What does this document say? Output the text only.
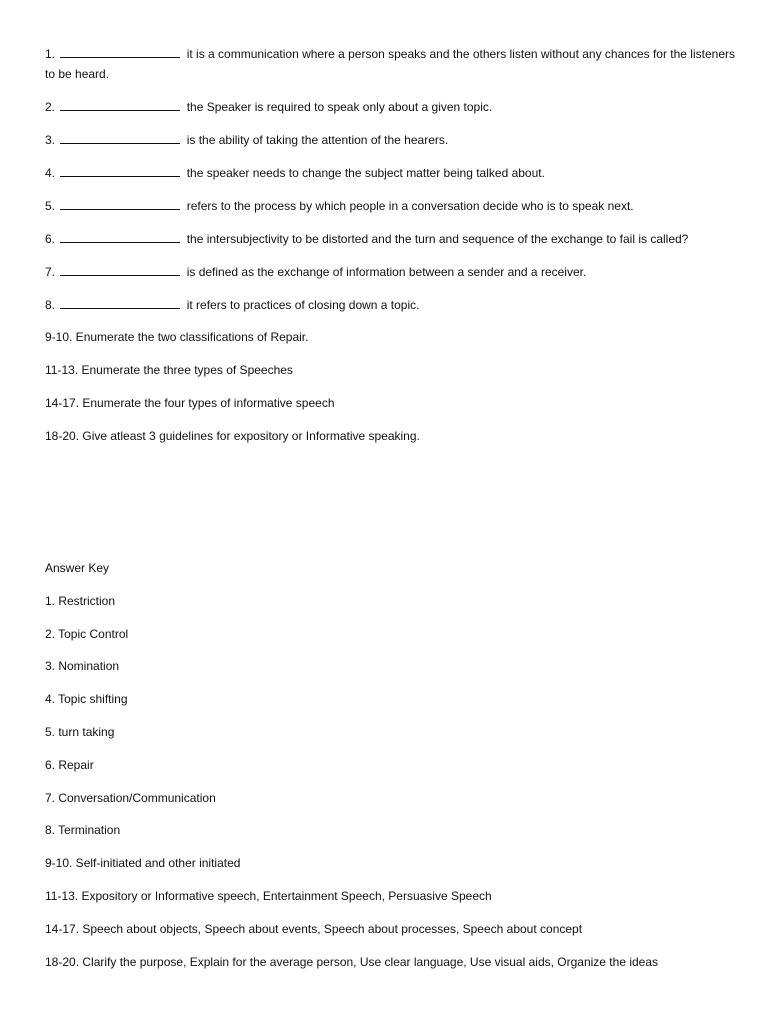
1.	it is a communication where a person speaks and the others listen without any chances for the listeners to be heard.
2.	the Speaker is required to speak only about a given topic.
3.	is the ability of taking the attention of the hearers.
4.	the speaker needs to change the subject matter being talked about.
5.	refers to the process by which people in a conversation decide who is to speak next.
6.	the intersubjectivity to be distorted and the turn and sequence of the exchange to fail is called?
7.	is defined as the exchange of information between a sender and a receiver.
8.	it refers to practices of closing down a topic.
9-10. Enumerate the two classifications of Repair.
11-13. Enumerate the three types of Speeches
14-17. Enumerate the four types of informative speech
18-20. Give atleast 3 guidelines for expository or Informative speaking.
Answer Key
1. Restriction
2. Topic Control
3. Nomination
4. Topic shifting
5. turn taking
6. Repair
7. Conversation/Communication
8. Termination
9-10. Self-initiated and other initiated
11-13. Expository or Informative speech, Entertainment Speech, Persuasive Speech
14-17. Speech about objects, Speech about events, Speech about processes, Speech about concept
18-20. Clarify the purpose, Explain for the average person, Use clear language, Use visual aids, Organize the ideas
